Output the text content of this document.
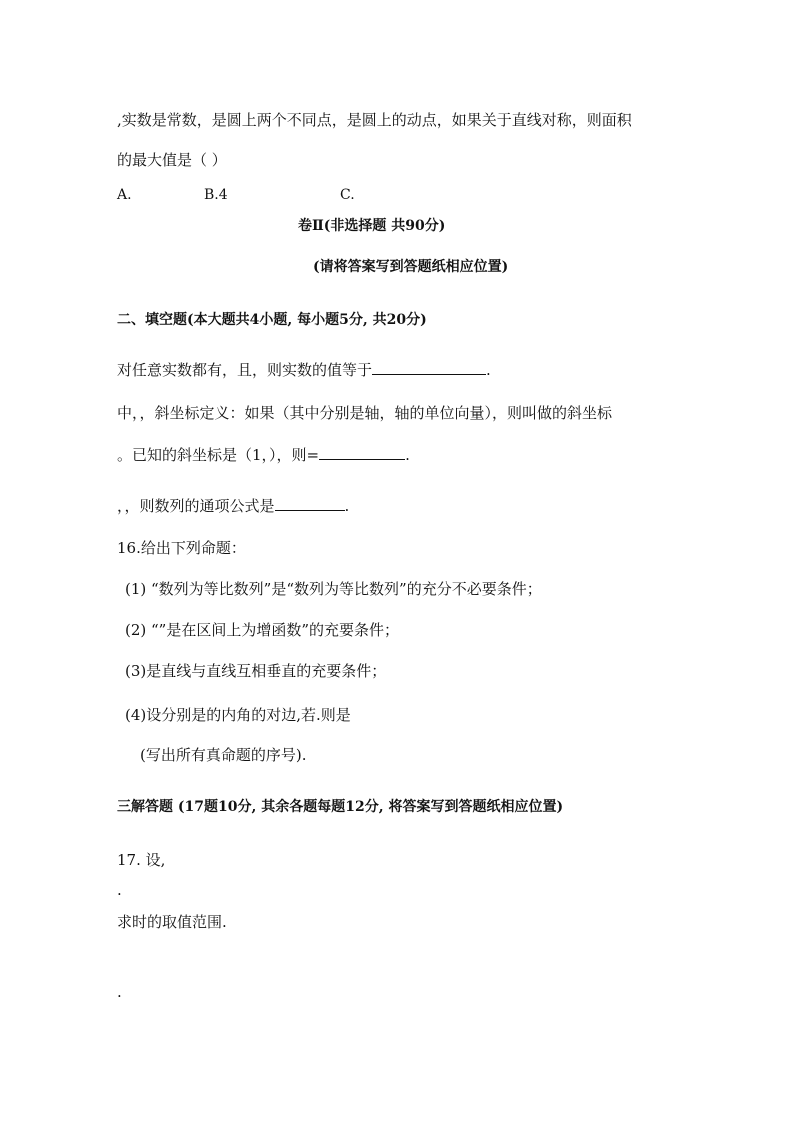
,实数是常数，是圆上两个不同点，是圆上的动点，如果关于直线对称，则面积
的最大值是（ ）
A.	B.4	C.
卷Ⅱ(非选择题 共90分)
(请将答案写到答题纸相应位置)
二、填空题(本大题共4小题, 每小题5分, 共20分)
对任意实数都有，且，则实数的值等于	.
中，，斜坐标定义：如果（其中分别是轴，轴的单位向量），则叫做的斜坐标
。已知的斜坐标是（1，），则=	.
，，则数列的通项公式是	.
16.给出下列命题：
(1) “数列为等比数列”是“数列为等比数列”的充分不必要条件；
(2) “”是在区间上为增函数”的充要条件；
(3)是直线与直线互相垂直的充要条件；
(4)设分别是的内角的对边,若.则是
(写出所有真命题的序号).
三解答题 (17题10分, 其余各题每题12分, 将答案写到答题纸相应位置)
17. 设,
.
求时的取值范围.
.
